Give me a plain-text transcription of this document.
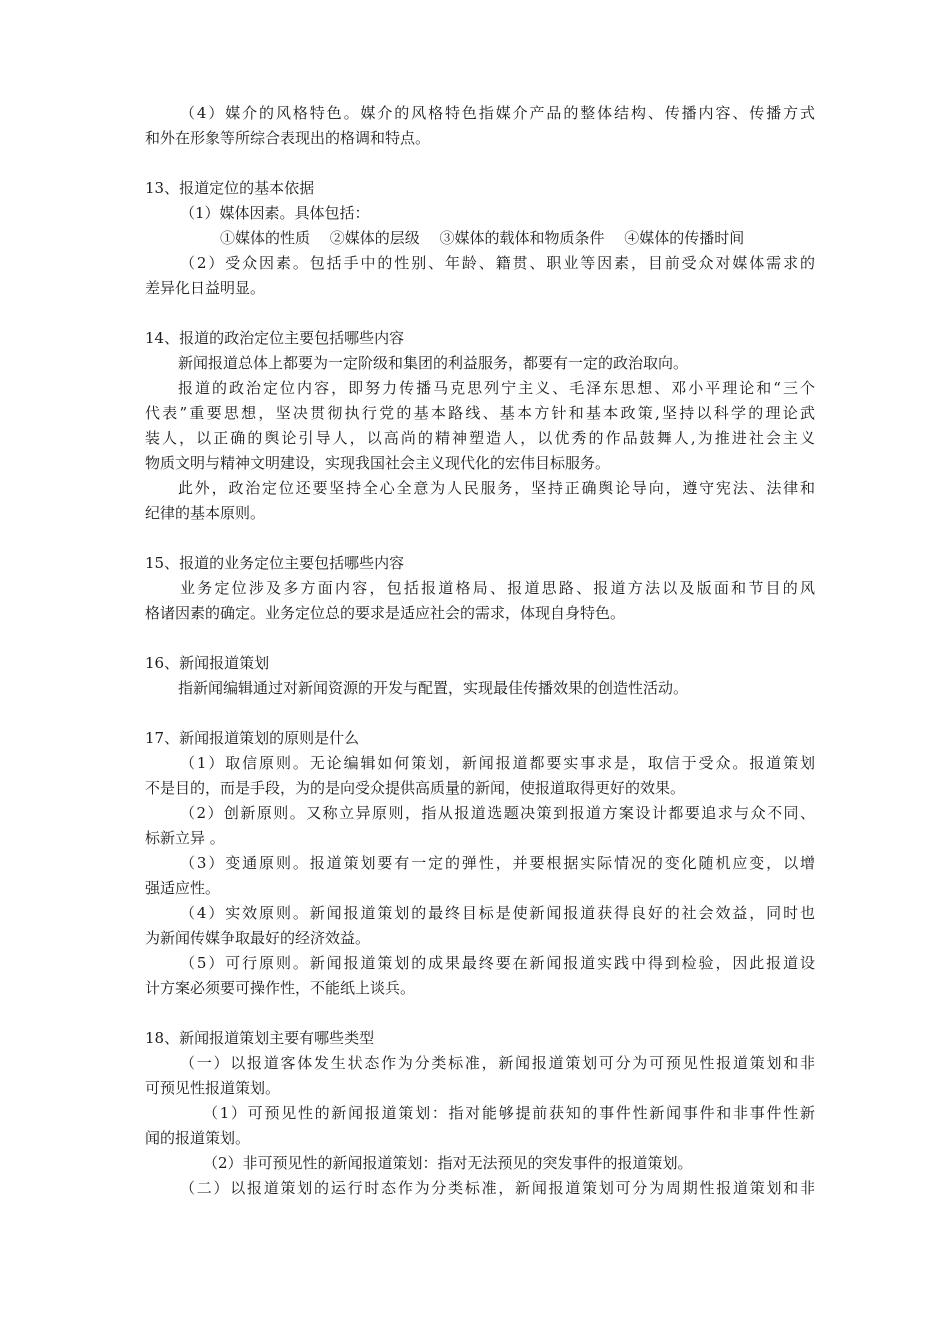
（4）媒介的风格特色。媒介的风格特色指媒介产品的整体结构、传播内容、传播方式
和外在形象等所综合表现出的格调和特点。
13、报道定位的基本依据
（1）媒体因素。具体包括：
①媒体的性质　 ②媒体的层级　 ③媒体的载体和物质条件　 ④媒体的传播时间
（2）受众因素。包括手中的性别、年龄、籍贯、职业等因素，目前受众对媒体需求的
差异化日益明显。
14、报道的政治定位主要包括哪些内容
新闻报道总体上都要为一定阶级和集团的利益服务，都要有一定的政治取向。
报道的政治定位内容，即努力传播马克思列宁主义、毛泽东思想、邓小平理论和“三个
代表”重要思想，坚决贯彻执行党的基本路线、基本方针和基本政策,坚持以科学的理论武
装人，以正确的舆论引导人，以高尚的精神塑造人，以优秀的作品鼓舞人,为推进社会主义
物质文明与精神文明建设，实现我国社会主义现代化的宏伟目标服务。
此外，政治定位还要坚持全心全意为人民服务，坚持正确舆论导向，遵守宪法、法律和
纪律的基本原则。
15、报道的业务定位主要包括哪些内容
业务定位涉及多方面内容，包括报道格局、报道思路、报道方法以及版面和节目的风
格诸因素的确定。业务定位总的要求是适应社会的需求，体现自身特色。
16、新闻报道策划
指新闻编辑通过对新闻资源的开发与配置，实现最佳传播效果的创造性活动。
17、新闻报道策划的原则是什么
（1）取信原则。无论编辑如何策划，新闻报道都要实事求是，取信于受众。报道策划
不是目的，而是手段，为的是向受众提供高质量的新闻，使报道取得更好的效果。
（2）创新原则。又称立异原则，指从报道选题决策到报道方案设计都要追求与众不同、
标新立异 。
（3）变通原则。报道策划要有一定的弹性，并要根据实际情况的变化随机应变，以增
强适应性。
（4）实效原则。新闻报道策划的最终目标是使新闻报道获得良好的社会效益，同时也
为新闻传媒争取最好的经济效益。
（5）可行原则。新闻报道策划的成果最终要在新闻报道实践中得到检验，因此报道设
计方案必须要可操作性，不能纸上谈兵。
18、新闻报道策划主要有哪些类型
（一）以报道客体发生状态作为分类标准，新闻报道策划可分为可预见性报道策划和非
可预见性报道策划。
（1）可预见性的新闻报道策划：指对能够提前获知的事件性新闻事件和非事件性新
闻的报道策划。
（2）非可预见性的新闻报道策划：指对无法预见的突发事件的报道策划。
（二）以报道策划的运行时态作为分类标准，新闻报道策划可分为周期性报道策划和非
